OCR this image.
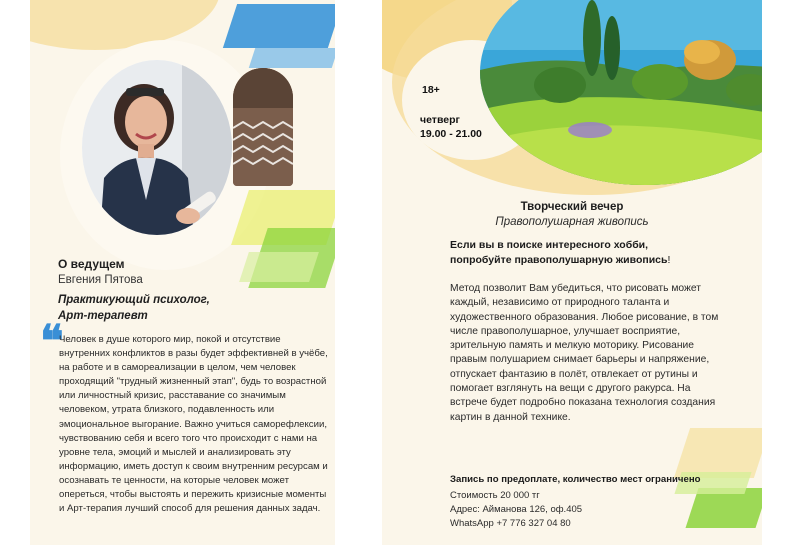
О ведущем
Евгения Пятова
Практикующий психолог,
Арт-терапевт
❝
Человек в душе которого мир, покой и отсутствие внутренних конфликтов в разы будет эффективней в учёбе, на работе и в самореализации в целом, чем человек проходящий "трудный жизненный этап", будь то возрастной или личностный кризис, расставание со значимым человеком, утрата близкого, подавленность или эмоциональное выгорание. Важно учиться саморефлексии, чувствованию себя и всего того что происходит с нами на уровне тела, эмоций и мыслей и анализировать эту информацию, иметь доступ к своим внутренним ресурсам и осознавать те ценности, на которые человек может опереться, чтобы выстоять и пережить кризисные моменты и Арт-терапия лучший способ для решения данных задач.
18+
четверг
19.00 - 21.00
Творческий вечер
Правополушарная живопись
Если вы в поиске интересного хобби,
попробуйте правополушарную живопись!
Метод позволит Вам убедиться, что рисовать может каждый, независимо от природного таланта и художественного образования. Любое рисование, в том числе правополушарное, улучшает восприятие, зрительную память и мелкую моторику. Рисование правым полушарием снимает барьеры и напряжение, отпускает фантазию в полёт, отвлекает от рутины и помогает взглянуть на вещи с другого ракурса. На встрече будет подробно показана технология создания картин в данной технике.
Запись по предоплате, количество мест ограничено
Стоимость 20 000 тг
Адрес: Айманова 126, оф.405
WhatsApp +7 776 327 04 80
